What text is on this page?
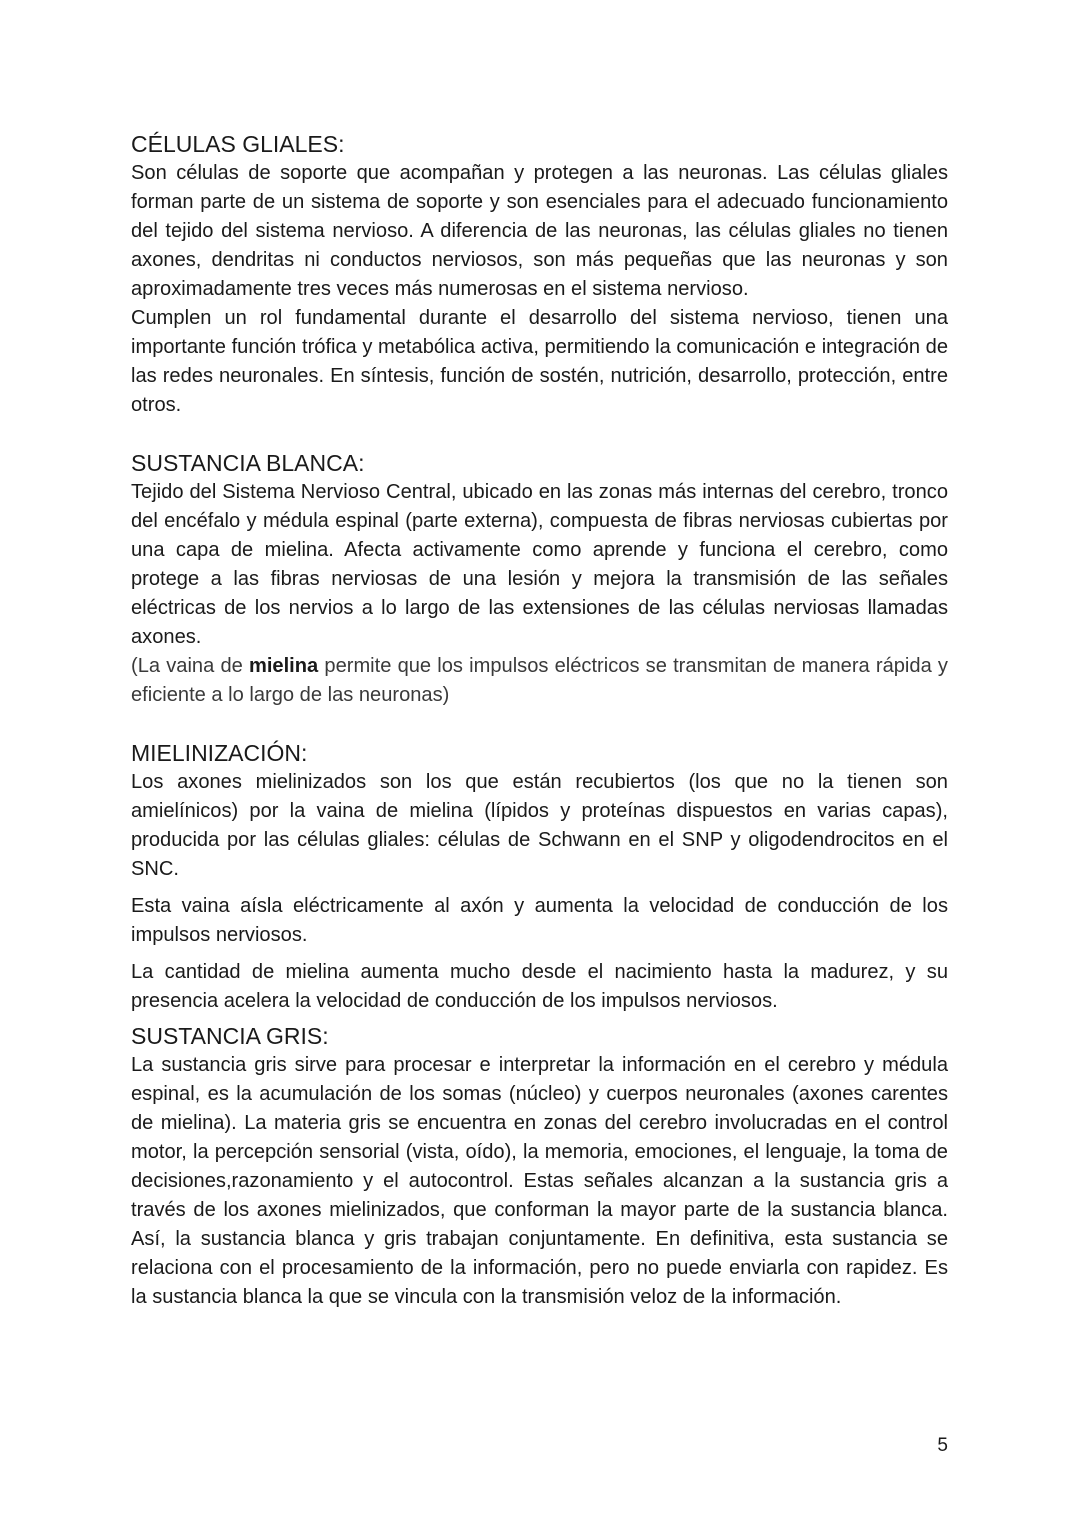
CÉLULAS GLIALES:

Son células de soporte que acompañan y protegen a las neuronas. Las células gliales forman parte de un sistema de soporte y son esenciales para el adecuado funcionamiento del tejido del sistema nervioso. A diferencia de las neuronas, las células gliales no tienen axones, dendritas ni conductos nerviosos, son más pequeñas que las neuronas y son aproximadamente tres veces más numerosas en el sistema nervioso.

Cumplen un rol fundamental durante el desarrollo del sistema nervioso, tienen una importante función trófica y metabólica activa, permitiendo la comunicación e integración de las redes neuronales. En síntesis, función de sostén, nutrición, desarrollo, protección, entre otros.

SUSTANCIA BLANCA:

Tejido del Sistema Nervioso Central, ubicado en las zonas más internas del cerebro, tronco del encéfalo y médula espinal (parte externa), compuesta de fibras nerviosas cubiertas por una capa de mielina. Afecta activamente como aprende y funciona el cerebro, como protege a las fibras nerviosas de una lesión y mejora la transmisión de las señales eléctricas de los nervios a lo largo de las extensiones de las células nerviosas llamadas axones.

(La vaina de mielina permite que los impulsos eléctricos se transmitan de manera rápida y eficiente a lo largo de las neuronas)

MIELINIZACIÓN:

Los axones mielinizados son los que están recubiertos (los que no la tienen son amielínicos) por la vaina de mielina (lípidos y proteínas dispuestos en varias capas), producida por las células gliales: células de Schwann en el SNP y oligodendrocitos en el SNC.

Esta vaina aísla eléctricamente al axón y aumenta la velocidad de conducción de los impulsos nerviosos.

La cantidad de mielina aumenta mucho desde el nacimiento hasta la madurez, y su presencia acelera la velocidad de conducción de los impulsos nerviosos.

SUSTANCIA GRIS:

La sustancia gris sirve para procesar e interpretar la información en el cerebro y médula espinal, es la acumulación de los somas (núcleo) y cuerpos neuronales (axones carentes de mielina). La materia gris se encuentra en zonas del cerebro involucradas en el control motor, la percepción sensorial (vista, oído), la memoria, emociones, el lenguaje, la toma de decisiones,razonamiento y el autocontrol. Estas señales alcanzan a la sustancia gris a través de los axones mielinizados, que conforman la mayor parte de la sustancia blanca. Así, la sustancia blanca y gris trabajan conjuntamente. En definitiva, esta sustancia se relaciona con el procesamiento de la información, pero no puede enviarla con rapidez. Es la sustancia blanca la que se vincula con la transmisión veloz de la información.

5
